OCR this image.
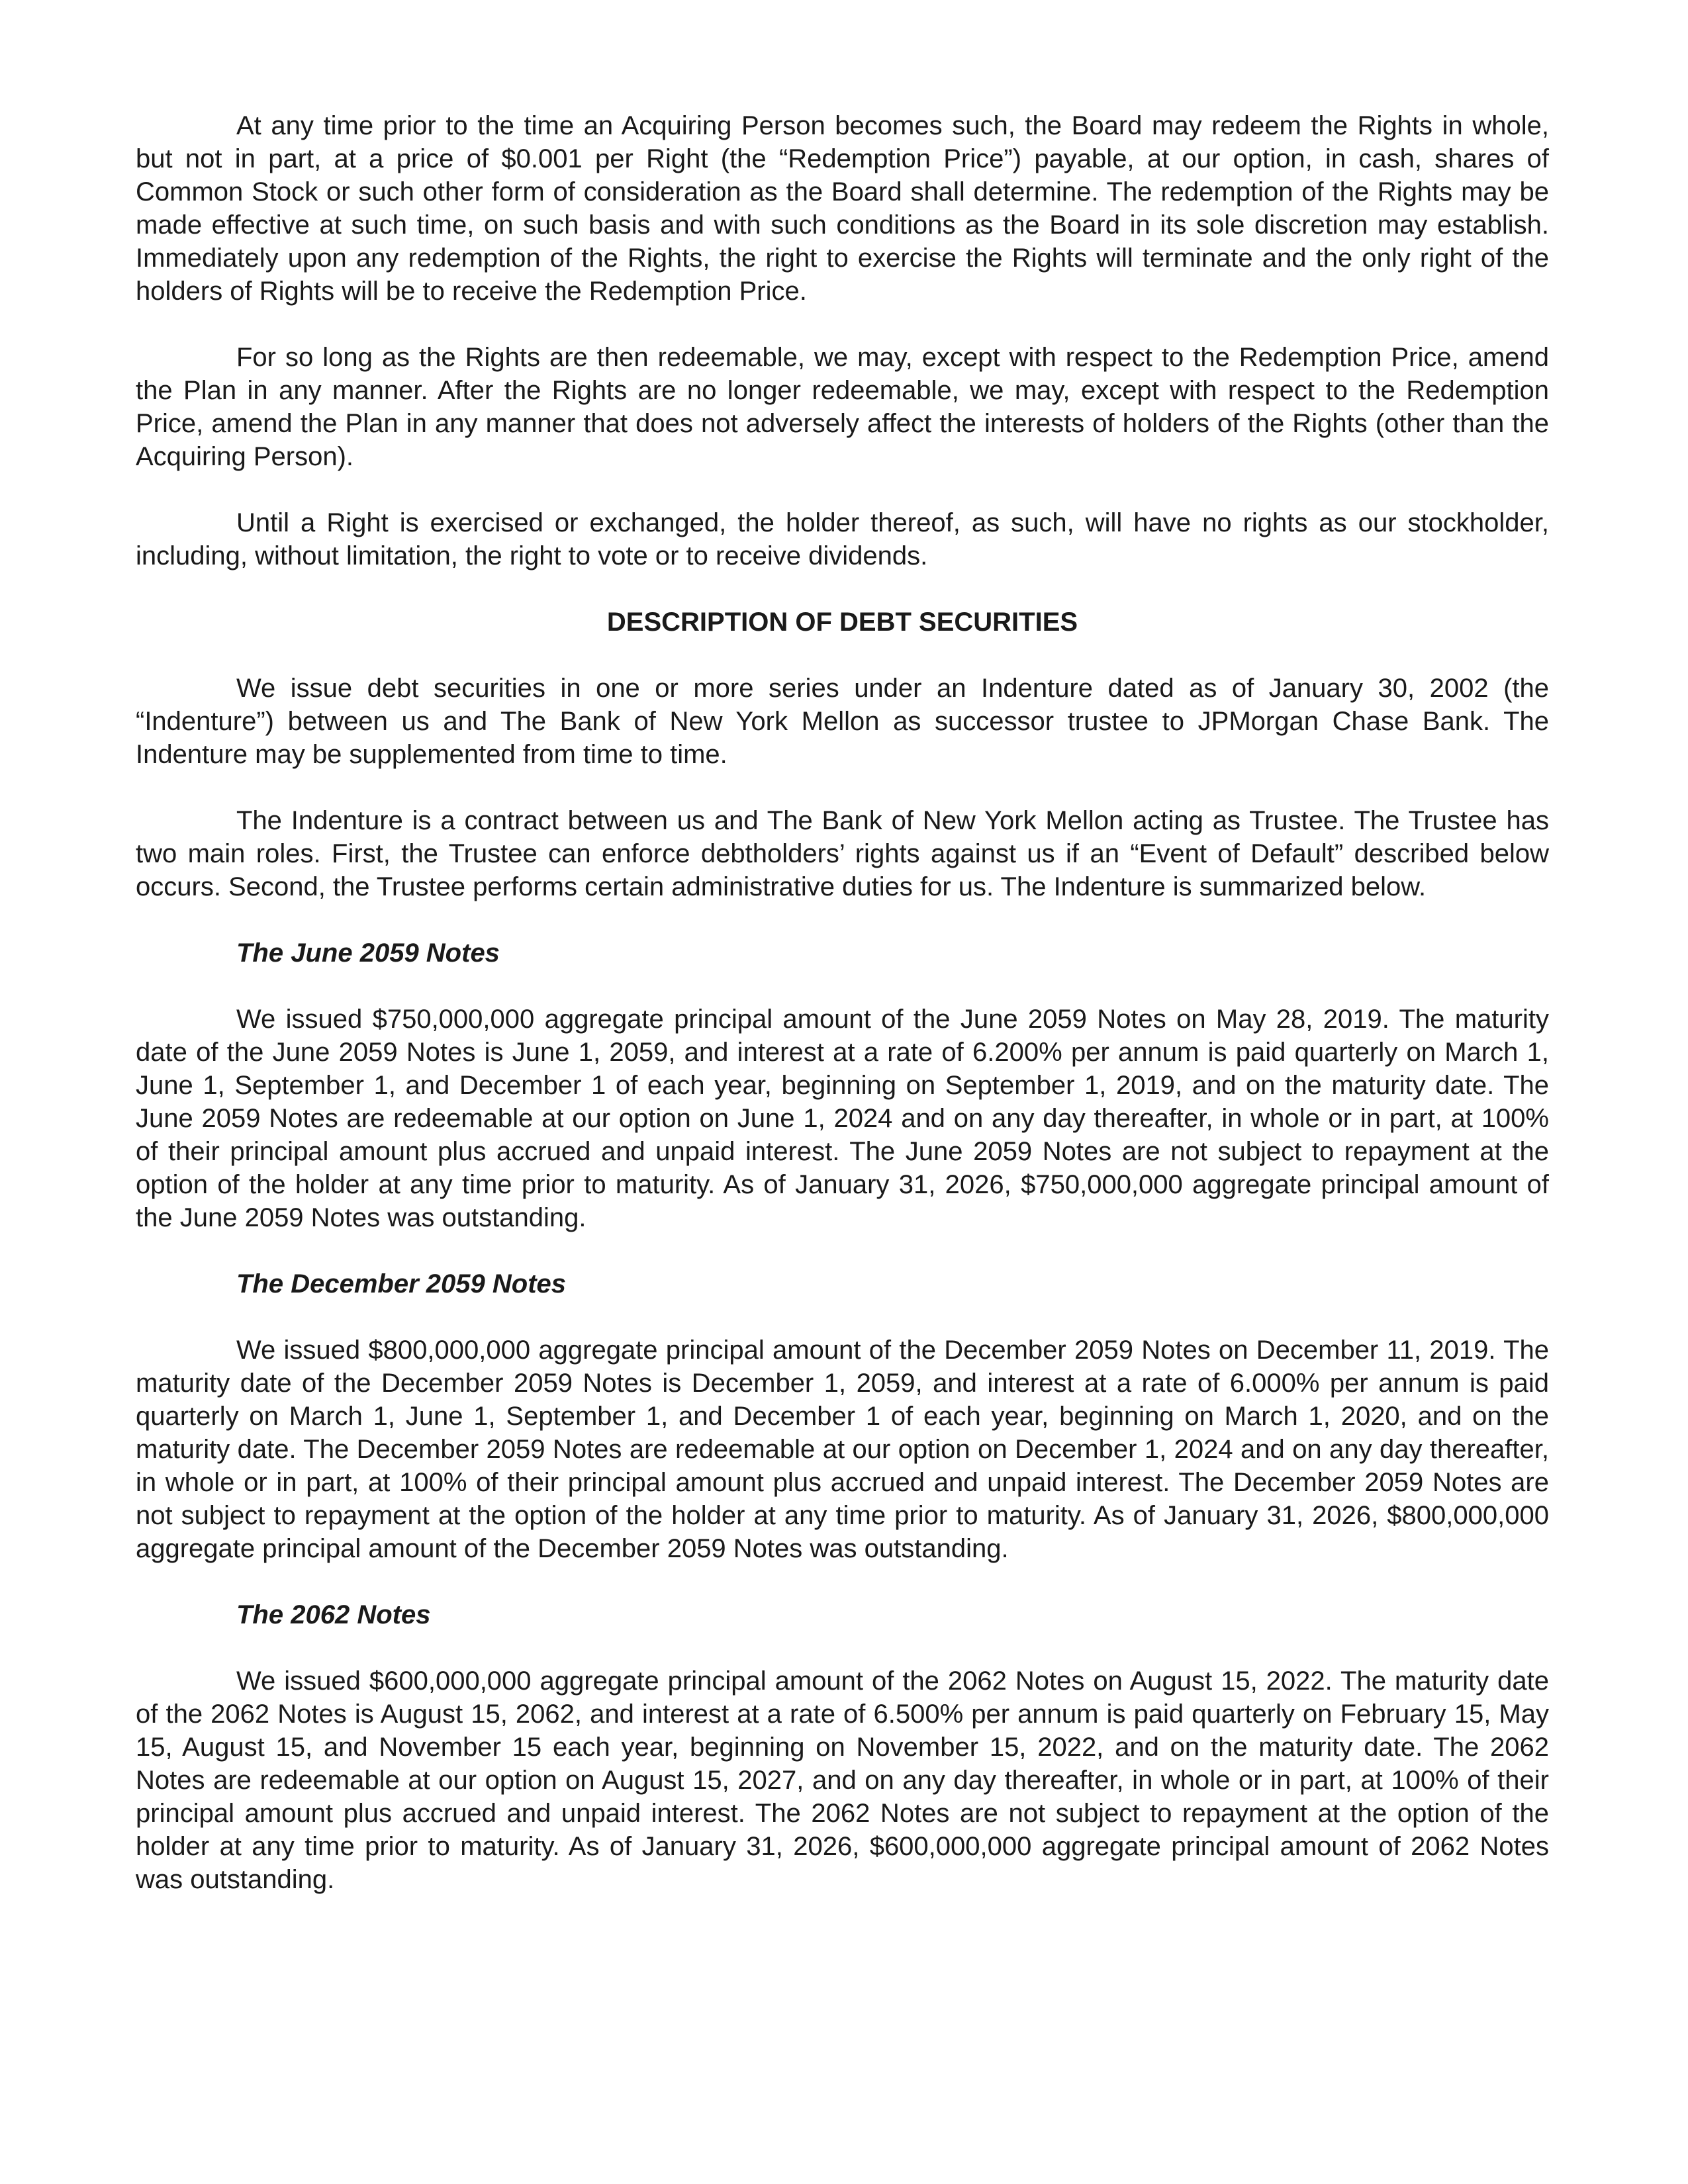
At any time prior to the time an Acquiring Person becomes such, the Board may redeem the Rights in whole, but not in part, at a price of $0.001 per Right (the “Redemption Price”) payable, at our option, in cash, shares of Common Stock or such other form of consideration as the Board shall determine. The redemption of the Rights may be made effective at such time, on such basis and with such conditions as the Board in its sole discretion may establish. Immediately upon any redemption of the Rights, the right to exercise the Rights will terminate and the only right of the holders of Rights will be to receive the Redemption Price.

For so long as the Rights are then redeemable, we may, except with respect to the Redemption Price, amend the Plan in any manner. After the Rights are no longer redeemable, we may, except with respect to the Redemption Price, amend the Plan in any manner that does not adversely affect the interests of holders of the Rights (other than the Acquiring Person).

Until a Right is exercised or exchanged, the holder thereof, as such, will have no rights as our stockholder, including, without limitation, the right to vote or to receive dividends.

DESCRIPTION OF DEBT SECURITIES

We issue debt securities in one or more series under an Indenture dated as of January 30, 2002 (the “Indenture”) between us and The Bank of New York Mellon as successor trustee to JPMorgan Chase Bank. The Indenture may be supplemented from time to time.

The Indenture is a contract between us and The Bank of New York Mellon acting as Trustee. The Trustee has two main roles. First, the Trustee can enforce debtholders’ rights against us if an “Event of Default” described below occurs. Second, the Trustee performs certain administrative duties for us. The Indenture is summarized below.

The June 2059 Notes

We issued $750,000,000 aggregate principal amount of the June 2059 Notes on May 28, 2019. The maturity date of the June 2059 Notes is June 1, 2059, and interest at a rate of 6.200% per annum is paid quarterly on March 1, June 1, September 1, and December 1 of each year, beginning on September 1, 2019, and on the maturity date. The June 2059 Notes are redeemable at our option on June 1, 2024 and on any day thereafter, in whole or in part, at 100% of their principal amount plus accrued and unpaid interest. The June 2059 Notes are not subject to repayment at the option of the holder at any time prior to maturity. As of January 31, 2026, $750,000,000 aggregate principal amount of the June 2059 Notes was outstanding.

The December 2059 Notes

We issued $800,000,000 aggregate principal amount of the December 2059 Notes on December 11, 2019. The maturity date of the December 2059 Notes is December 1, 2059, and interest at a rate of 6.000% per annum is paid quarterly on March 1, June 1, September 1, and December 1 of each year, beginning on March 1, 2020, and on the maturity date. The December 2059 Notes are redeemable at our option on December 1, 2024 and on any day thereafter, in whole or in part, at 100% of their principal amount plus accrued and unpaid interest. The December 2059 Notes are not subject to repayment at the option of the holder at any time prior to maturity. As of January 31, 2026, $800,000,000 aggregate principal amount of the December 2059 Notes was outstanding.

The 2062 Notes

We issued $600,000,000 aggregate principal amount of the 2062 Notes on August 15, 2022. The maturity date of the 2062 Notes is August 15, 2062, and interest at a rate of 6.500% per annum is paid quarterly on February 15, May 15, August 15, and November 15 each year, beginning on November 15, 2022, and on the maturity date. The 2062 Notes are redeemable at our option on August 15, 2027, and on any day thereafter, in whole or in part, at 100% of their principal amount plus accrued and unpaid interest. The 2062 Notes are not subject to repayment at the option of the holder at any time prior to maturity. As of January 31, 2026, $600,000,000 aggregate principal amount of 2062 Notes was outstanding.
